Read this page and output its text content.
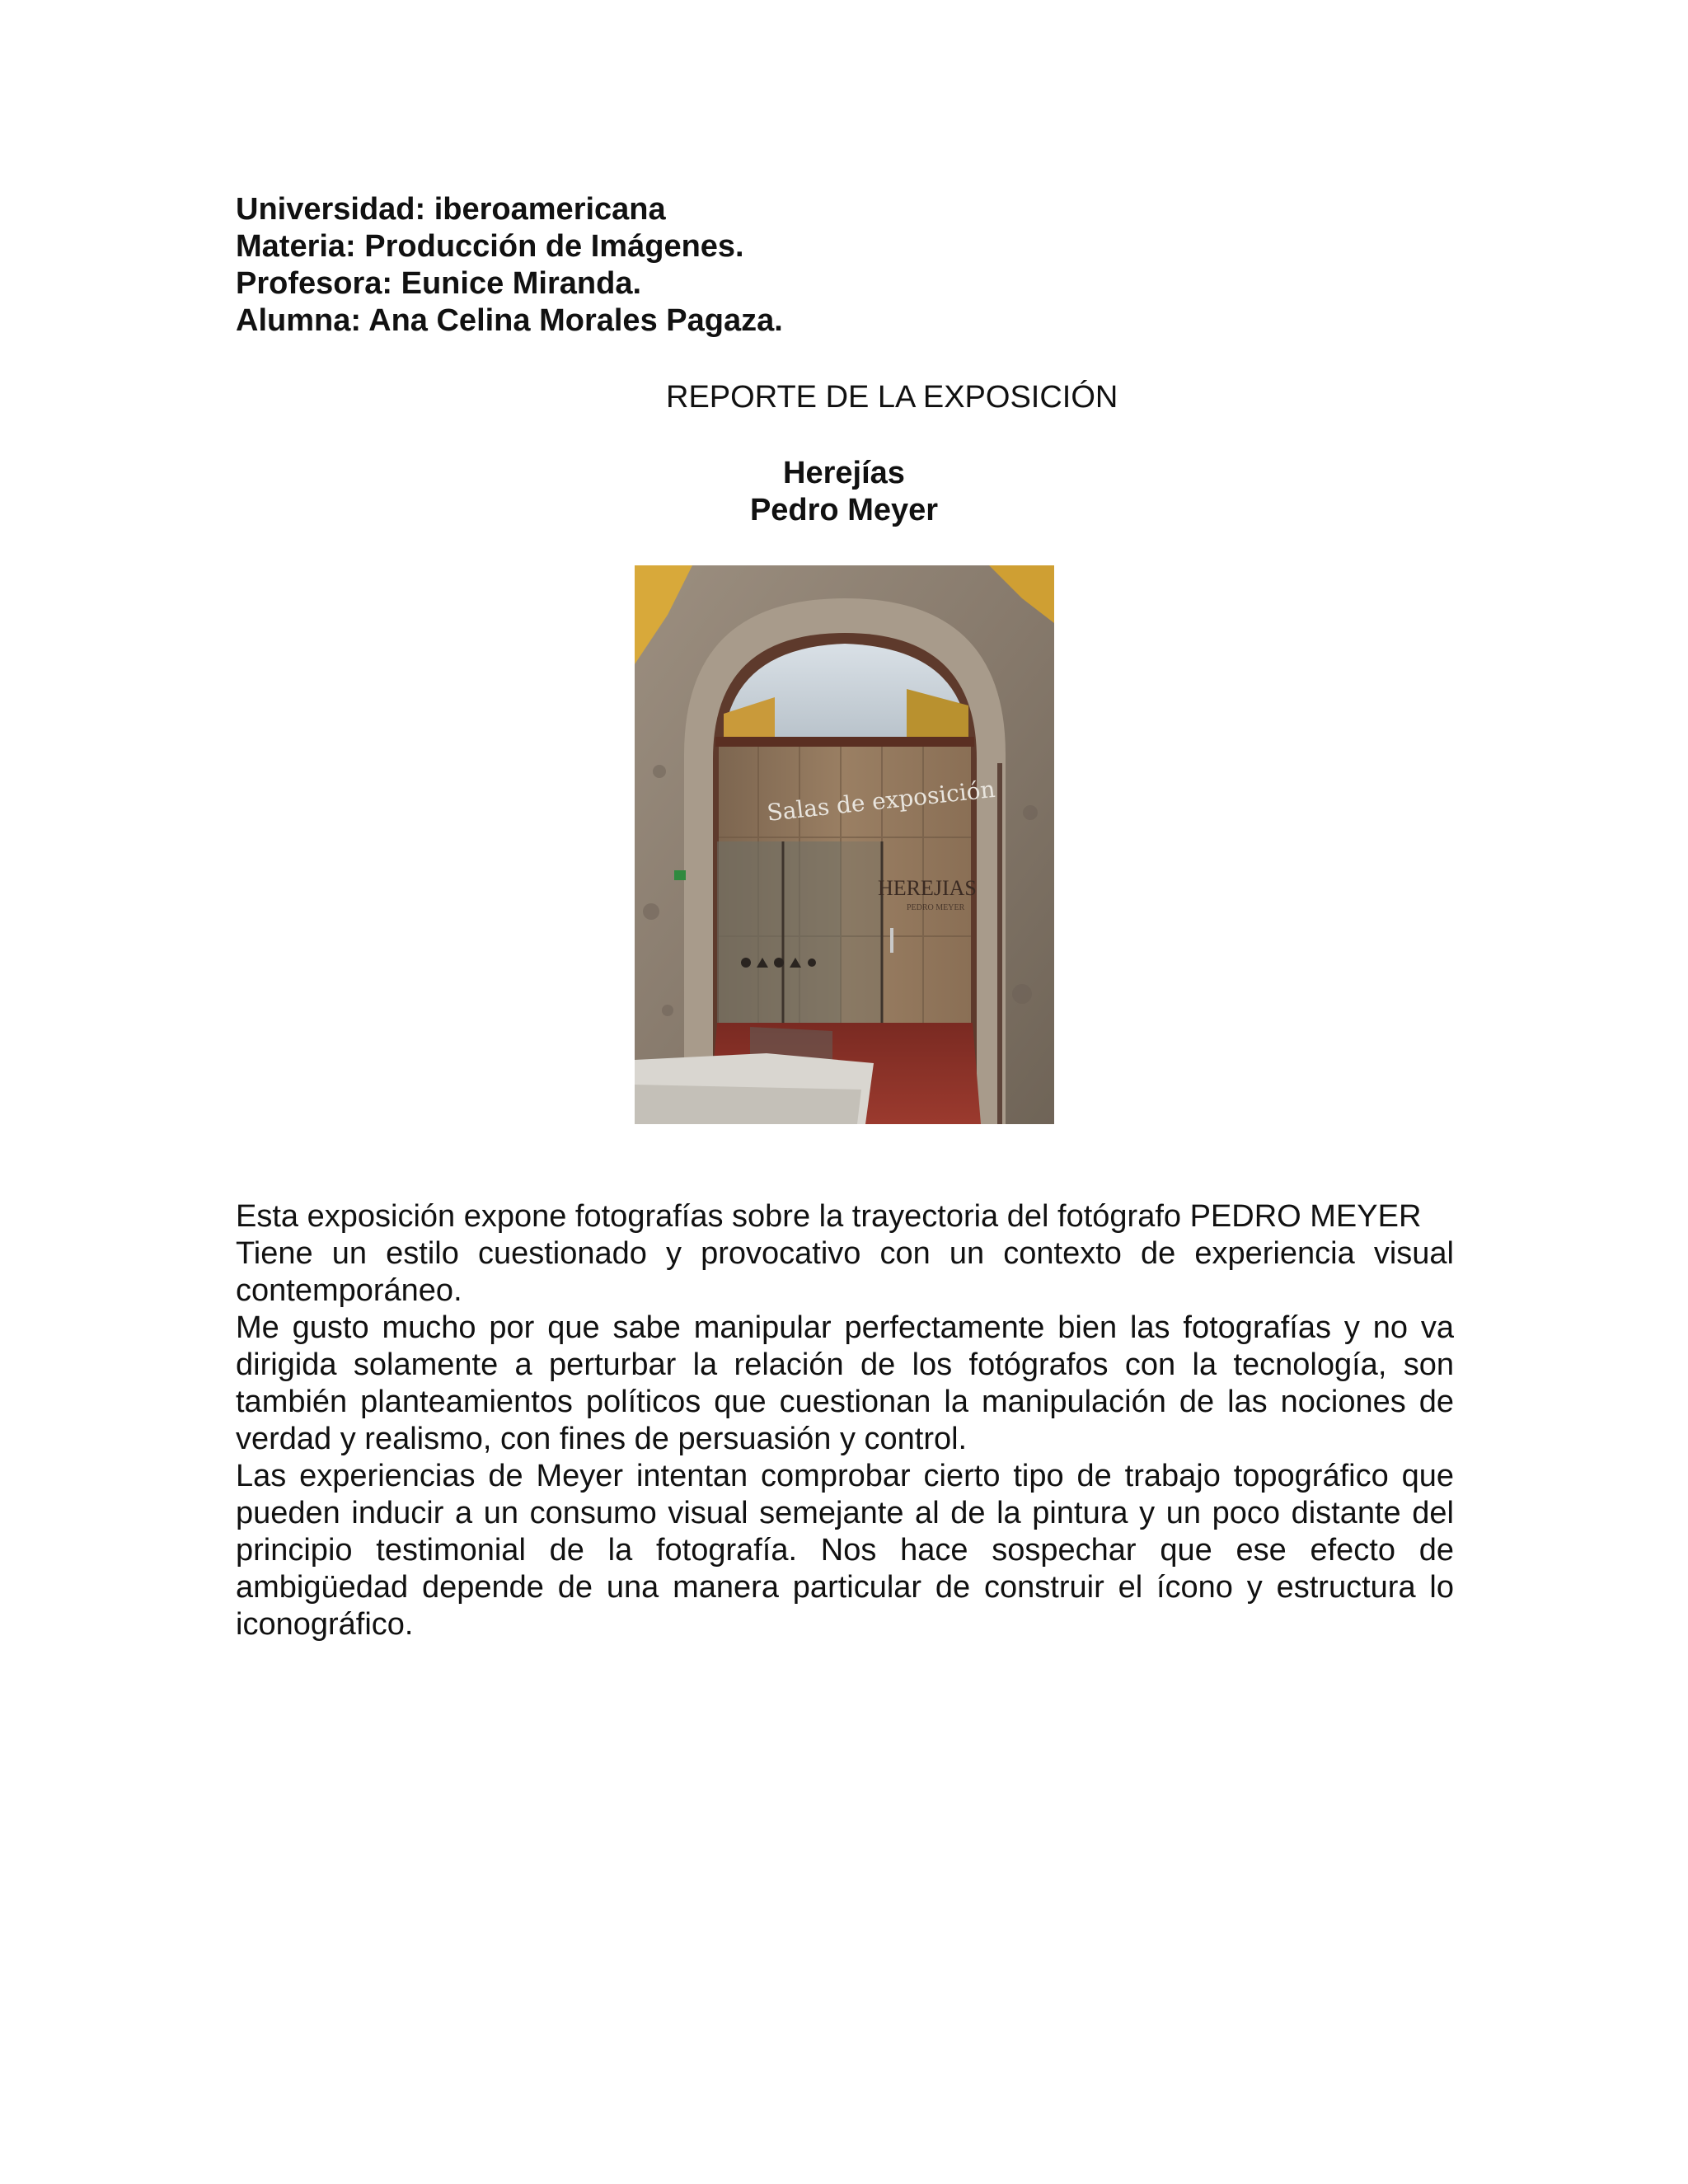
Universidad: iberoamericana
Materia: Producción de Imágenes.
Profesora: Eunice Miranda.
Alumna: Ana Celina Morales Pagaza.
REPORTE DE LA EXPOSICIÓN
Herejías
Pedro Meyer
Salas de exposición
HEREJIAS
PEDRO MEYER

Esta exposición expone fotografías sobre la trayectoria del fotógrafo PEDRO MEYER

Tiene un estilo cuestionado y provocativo con un contexto de experiencia visual contemporáneo.

Me gusto mucho por que sabe manipular perfectamente bien las fotografías y no va dirigida solamente a perturbar la relación de los fotógrafos con la tecnología, son también planteamientos políticos que cuestionan la manipulación de las nociones de verdad y realismo, con fines de persuasión y control.

Las experiencias de Meyer intentan comprobar cierto tipo de trabajo topográfico que pueden inducir a un consumo visual semejante al de la pintura y un poco distante del principio testimonial de la fotografía. Nos hace sospechar que ese efecto de ambigüedad depende de una manera particular de construir el ícono y estructura lo iconográfico.
